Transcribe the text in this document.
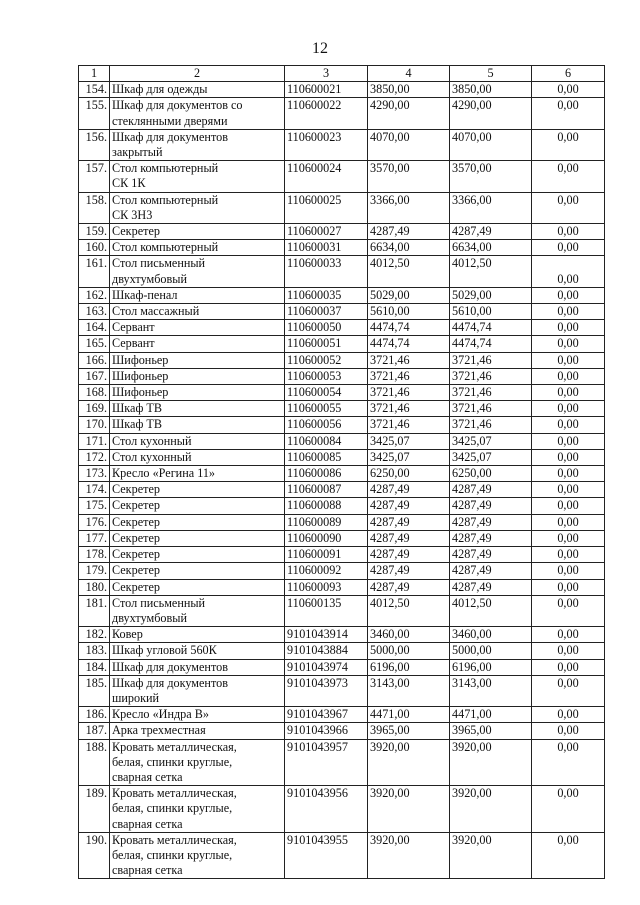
12
1	2	3	4	5	6
154.	Шкаф для одежды	110600021	3850,00	3850,00	0,00
155.	Шкаф для документов со
стеклянными дверями	110600022	4290,00	4290,00	0,00
156.	Шкаф для документов
закрытый	110600023	4070,00	4070,00	0,00
157.	Стол компьютерный
СК 1К	110600024	3570,00	3570,00	0,00
158.	Стол компьютерный
СК 3Н3	110600025	3366,00	3366,00	0,00
159.	Секретер	110600027	4287,49	4287,49	0,00
160.	Стол компьютерный	110600031	6634,00	6634,00	0,00
161.	Стол письменный
двухтумбовый	110600033	4012,50	4012,50	0,00
162.	Шкаф-пенал	110600035	5029,00	5029,00	0,00
163.	Стол массажный	110600037	5610,00	5610,00	0,00
164.	Сервант	110600050	4474,74	4474,74	0,00
165.	Сервант	110600051	4474,74	4474,74	0,00
166.	Шифоньер	110600052	3721,46	3721,46	0,00
167.	Шифоньер	110600053	3721,46	3721,46	0,00
168.	Шифоньер	110600054	3721,46	3721,46	0,00
169.	Шкаф ТВ	110600055	3721,46	3721,46	0,00
170.	Шкаф ТВ	110600056	3721,46	3721,46	0,00
171.	Стол кухонный	110600084	3425,07	3425,07	0,00
172.	Стол кухонный	110600085	3425,07	3425,07	0,00
173.	Кресло «Регина 11»	110600086	6250,00	6250,00	0,00
174.	Секретер	110600087	4287,49	4287,49	0,00
175.	Секретер	110600088	4287,49	4287,49	0,00
176.	Секретер	110600089	4287,49	4287,49	0,00
177.	Секретер	110600090	4287,49	4287,49	0,00
178.	Секретер	110600091	4287,49	4287,49	0,00
179.	Секретер	110600092	4287,49	4287,49	0,00
180.	Секретер	110600093	4287,49	4287,49	0,00
181.	Стол письменный
двухтумбовый	110600135	4012,50	4012,50	0,00
182.	Ковер	9101043914	3460,00	3460,00	0,00
183.	Шкаф угловой 560К	9101043884	5000,00	5000,00	0,00
184.	Шкаф для документов	9101043974	6196,00	6196,00	0,00
185.	Шкаф для документов
широкий	9101043973	3143,00	3143,00	0,00
186.	Кресло «Индра В»	9101043967	4471,00	4471,00	0,00
187.	Арка трехместная	9101043966	3965,00	3965,00	0,00
188.	Кровать металлическая,
белая, спинки круглые,
сварная сетка	9101043957	3920,00	3920,00	0,00
189.	Кровать металлическая,
белая, спинки круглые,
сварная сетка	9101043956	3920,00	3920,00	0,00
190.	Кровать металлическая,
белая, спинки круглые,
сварная сетка	9101043955	3920,00	3920,00	0,00
